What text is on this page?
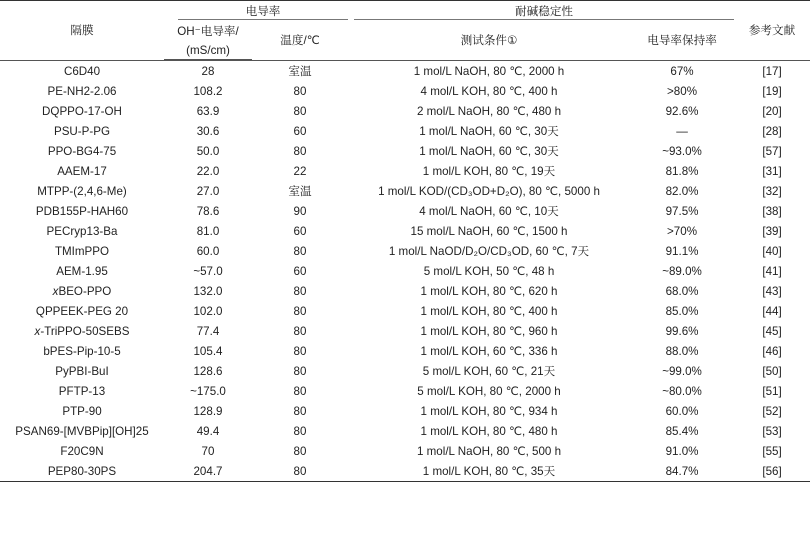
隔膜	电导率		耐碱稳定性		参考文献
	OH⁻电导率/	温度/℃	测试条件①	电导率保持率	
	(mS/cm)				

C6D40	28	室温	1 mol/L NaOH, 80 ℃, 2000 h	67%	[17]
PE-NH2-2.06	108.2	80	4 mol/L KOH, 80 ℃, 400 h	>80%	[19]
DQPPO-17-OH	63.9	80	2 mol/L NaOH, 80 ℃, 480 h	92.6%	[20]
PSU-P-PG	30.6	60	1 mol/L NaOH, 60 ℃, 30天	—	[28]
PPO-BG4-75	50.0	80	1 mol/L NaOH, 60 ℃, 30天	~93.0%	[57]
AAEM-17	22.0	22	1 mol/L KOH, 80 ℃, 19天	81.8%	[31]
MTPP-(2,4,6-Me)	27.0	室温	1 mol/L KOD/(CD₃OD+D₂O), 80 ℃, 5000 h	82.0%	[32]
PDB155P-HAH60	78.6	90	4 mol/L NaOH, 60 ℃, 10天	97.5%	[38]
PECryp13-Ba	81.0	60	15 mol/L NaOH, 60 ℃, 1500 h	>70%	[39]
TMImPPO	60.0	80	1 mol/L NaOD/D₂O/CD₃OD, 60 ℃, 7天	91.1%	[40]
AEM-1.95	~57.0	60	5 mol/L KOH, 50 ℃, 48 h	~89.0%	[41]
xBEO-PPO	132.0	80	1 mol/L KOH, 80 ℃, 620 h	68.0%	[43]
QPPEEK-PEG 20	102.0	80	1 mol/L KOH, 80 ℃, 400 h	85.0%	[44]
x-TriPPO-50SEBS	77.4	80	1 mol/L KOH, 80 ℃, 960 h	99.6%	[45]
bPES-Pip-10-5	105.4	80	1 mol/L KOH, 60 ℃, 336 h	88.0%	[46]
PyPBI-BuI	128.6	80	5 mol/L KOH, 60 ℃, 21天	~99.0%	[50]
PFTP-13	~175.0	80	5 mol/L KOH, 80 ℃, 2000 h	~80.0%	[51]
PTP-90	128.9	80	1 mol/L KOH, 80 ℃, 934 h	60.0%	[52]
PSAN69-[MVBPip][OH]25	49.4	80	1 mol/L KOH, 80 ℃, 480 h	85.4%	[53]
F20C9N	70	80	1 mol/L NaOH, 80 ℃, 500 h	91.0%	[55]
PEP80-30PS	204.7	80	1 mol/L KOH, 80 ℃, 35天	84.7%	[56]
